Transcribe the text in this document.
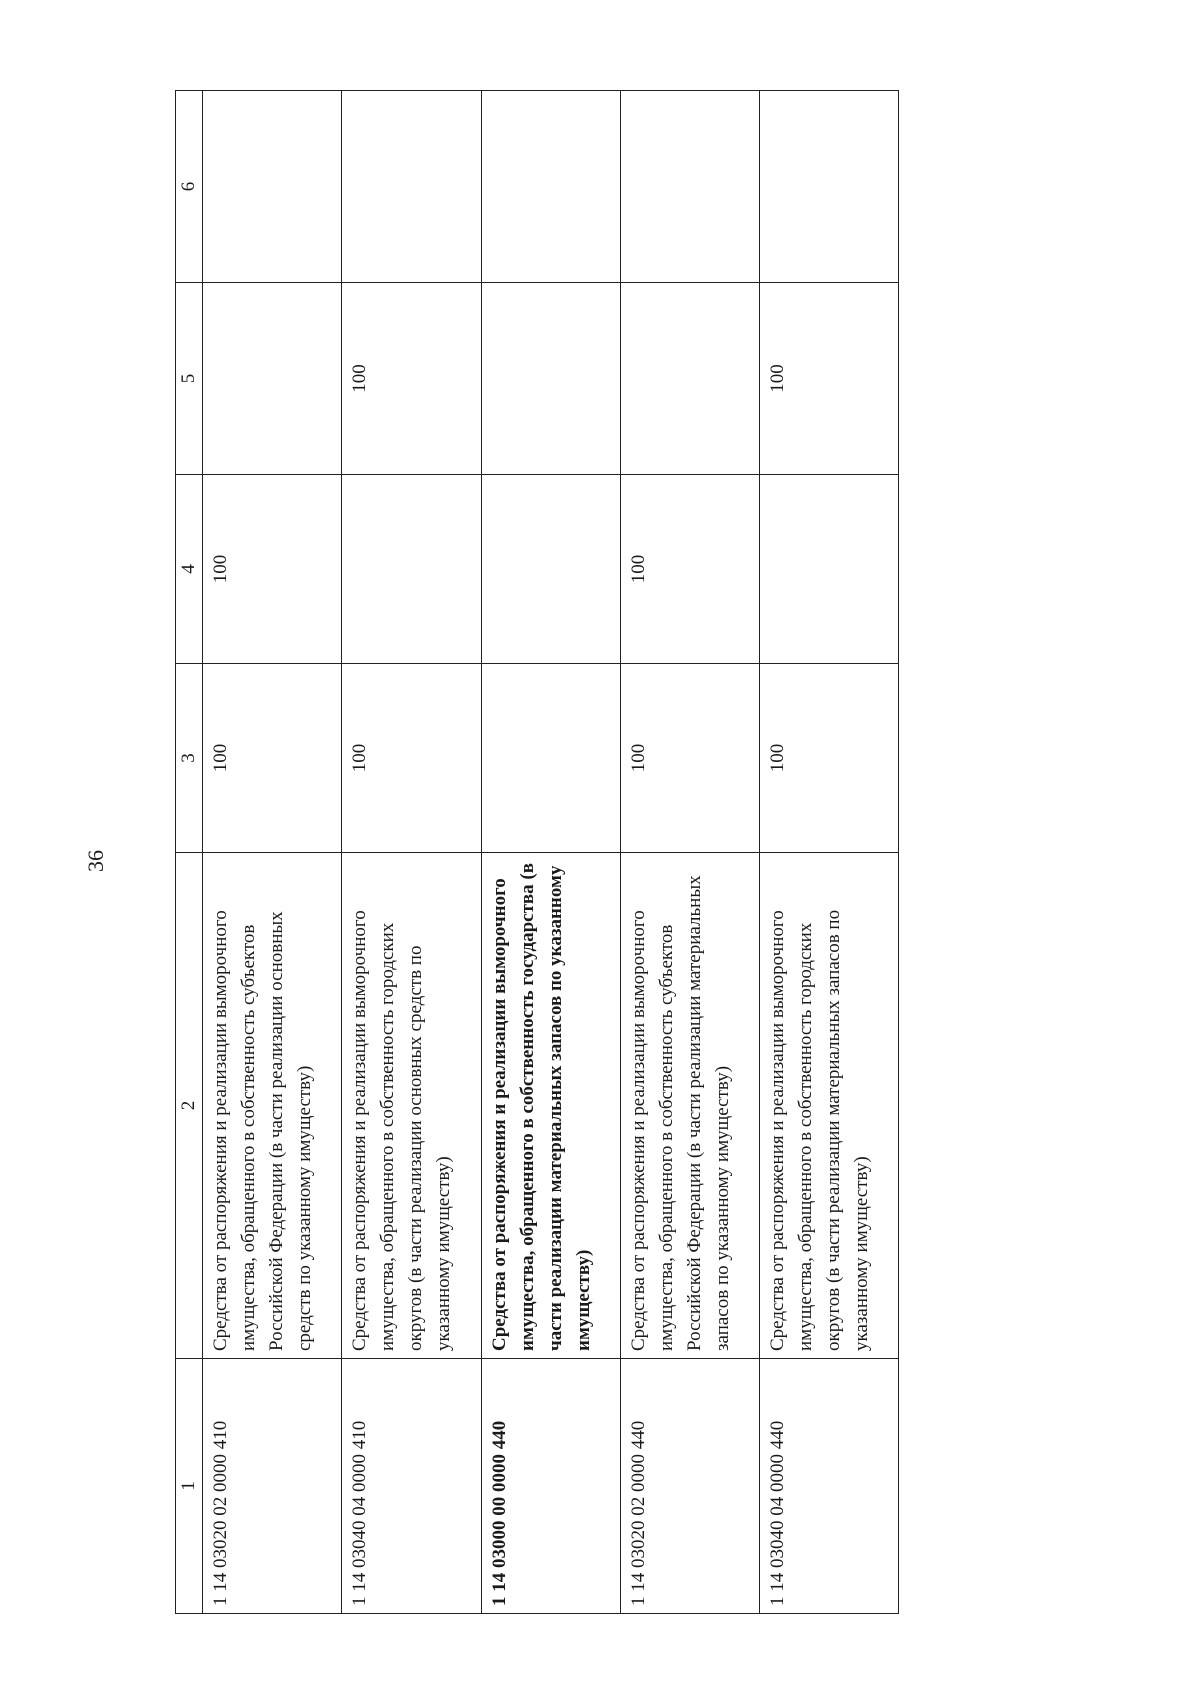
36
1	2	3	4	5	6
1 14 03020 02 0000 410	Средства от распоряжения и реализации выморочного имущества, обращенного в собственность субъектов Российской Федерации (в части реализации основных средств по указанному имуществу)	100	100		
1 14 03040 04 0000 410	Средства от распоряжения и реализации выморочного имущества, обращенного в собственность городских округов (в части реализации основных средств по указанному имуществу)	100		100	
1 14 03000 00 0000 440	Средства от распоряжения и реализации выморочного имущества, обращенного в собственность государства (в части реализации материальных запасов по указанному имуществу)				
1 14 03020 02 0000 440	Средства от распоряжения и реализации выморочного имущества, обращенного в собственность субъектов Российской Федерации (в части реализации материальных запасов по указанному имуществу)	100	100		
1 14 03040 04 0000 440	Средства от распоряжения и реализации выморочного имущества, обращенного в собственность городских округов (в части реализации материальных запасов по указанному имуществу)	100		100	
